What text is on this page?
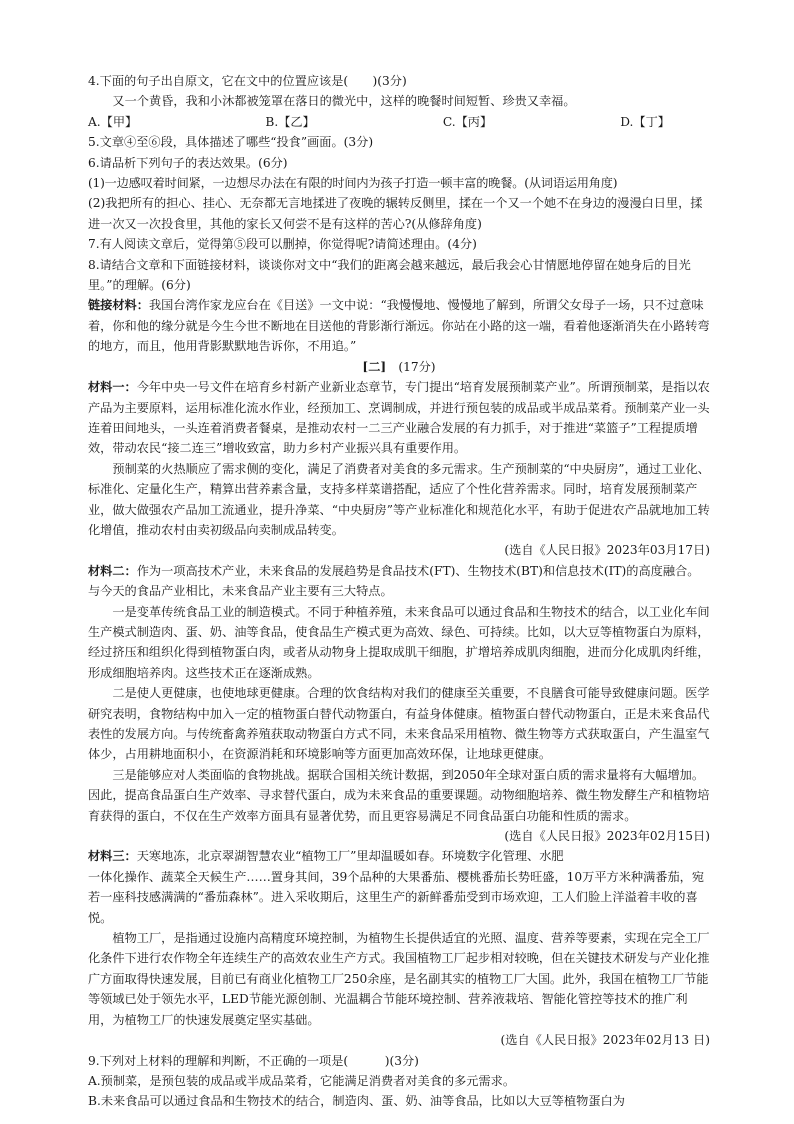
4.下面的句子出自原文，它在文中的位置应该是(　　)(3分)

又一个黄昏，我和小沐都被笼罩在落日的微光中，这样的晚餐时间短暂、珍贵又幸福。

A.【甲】	B.【乙】	C.【丙】	D.【丁】

5.文章④至⑥段，具体描述了哪些“投食”画面。(3分)

6.请品析下列句子的表达效果。(6分)

(1)一边感叹着时间紧，一边想尽办法在有限的时间内为孩子打造一顿丰富的晚餐。(从词语运用角度)

(2)我把所有的担心、挂心、无奈都无言地揉进了夜晚的辗转反侧里，揉在一个又一个她不在身边的漫漫白日里，揉进一次又一次投食里，其他的家长又何尝不是有这样的苦心?(从修辞角度)

7.有人阅读文章后，觉得第⑤段可以删掉，你觉得呢?请简述理由。(4分)

8.请结合文章和下面链接材料，谈谈你对文中“我们的距离会越来越远，最后我会心甘情愿地停留在她身后的目光里。”的理解。(6分)

链接材料：我国台湾作家龙应台在《目送》一文中说：“我慢慢地、慢慢地了解到，所谓父女母子一场，只不过意味着，你和他的缘分就是今生今世不断地在目送他的背影渐行渐远。你站在小路的这一端，看着他逐渐消失在小路转弯的地方，而且，他用背影默默地告诉你，不用追。”

[二]　 (17分)

材料一：今年中央一号文件在培育乡村新产业新业态章节，专门提出“培育发展预制菜产业”。所谓预制菜，是指以农产品为主要原料，运用标准化流水作业，经预加工、烹调制成，并进行预包装的成品或半成品菜肴。预制菜产业一头连着田间地头，一头连着消费者餐桌，是推动农村一二三产业融合发展的有力抓手，对于推进“菜篮子”工程提质增效，带动农民“接二连三”增收致富，助力乡村产业振兴具有重要作用。

预制菜的火热顺应了需求侧的变化，满足了消费者对美食的多元需求。生产预制菜的“中央厨房”，通过工业化、标准化、定量化生产，精算出营养素含量，支持多样菜谱搭配，适应了个性化营养需求。同时，培育发展预制菜产业，做大做强农产品加工流通业，提升净菜、“中央厨房”等产业标准化和规范化水平，有助于促进农产品就地加工转化增值，推动农村由卖初级品向卖制成品转变。

(选自《人民日报》2023年03月17日)

材料二：作为一项高技术产业，未来食品的发展趋势是食品技术(FT)、生物技术(BT)和信息技术(IT)的高度融合。与今天的食品产业相比，未来食品产业主要有三大特点。

一是变革传统食品工业的制造模式。不同于种植养殖，未来食品可以通过食品和生物技术的结合，以工业化车间生产模式制造肉、蛋、奶、油等食品，使食品生产模式更为高效、绿色、可持续。比如，以大豆等植物蛋白为原料，经过挤压和组织化得到植物蛋白肉，或者从动物身上提取成肌干细胞，扩增培养成肌肉细胞，进而分化成肌肉纤维，形成细胞培养肉。这些技术正在逐渐成熟。

二是使人更健康，也使地球更健康。合理的饮食结构对我们的健康至关重要，不良膳食可能导致健康问题。医学研究表明，食物结构中加入一定的植物蛋白替代动物蛋白，有益身体健康。植物蛋白替代动物蛋白，正是未来食品代表性的发展方向。与传统畜禽养殖获取动物蛋白方式不同，未来食品采用植物、微生物等方式获取蛋白，产生温室气体少，占用耕地面积小，在资源消耗和环境影响等方面更加高效环保，让地球更健康。

三是能够应对人类面临的食物挑战。据联合国相关统计数据，到2050年全球对蛋白质的需求量将有大幅增加。因此，提高食品蛋白生产效率、寻求替代蛋白，成为未来食品的重要课题。动物细胞培养、微生物发酵生产和植物培育获得的蛋白，不仅在生产效率方面具有显著优势，而且更容易满足不同食品蛋白功能和性质的需求。

(选自《人民日报》2023年02月15日)

材料三：天寒地冻，北京翠湖智慧农业“植物工厂”里却温暖如春。环境数字化管理、水肥

一体化操作、蔬菜全天候生产……置身其间，39个品种的大果番茄、樱桃番茄长势旺盛，10万平方米种满番茄，宛若一座科技感满满的“番茄森林”。进入采收期后，这里生产的新鲜番茄受到市场欢迎，工人们脸上洋溢着丰收的喜悦。

植物工厂，是指通过设施内高精度环境控制，为植物生长提供适宜的光照、温度、营养等要素，实现在完全工厂化条件下进行农作物全年连续生产的高效农业生产方式。我国植物工厂起步相对较晚，但在关键技术研发与产业化推广方面取得快速发展，目前已有商业化植物工厂250余座，是名副其实的植物工厂大国。此外，我国在植物工厂节能等领域已处于领先水平，LED节能光源创制、光温耦合节能环境控制、营养液栽培、智能化管控等技术的推广利用，为植物工厂的快速发展奠定坚实基础。

(选自《人民日报》2023年02月13 日)

9.下列对上材料的理解和判断，不正确的一项是(　　　)(3分)

A.预制菜，是预包装的成品或半成品菜肴，它能满足消费者对美食的多元需求。

B.未来食品可以通过食品和生物技术的结合，制造肉、蛋、奶、油等食品，比如以大豆等植物蛋白为
